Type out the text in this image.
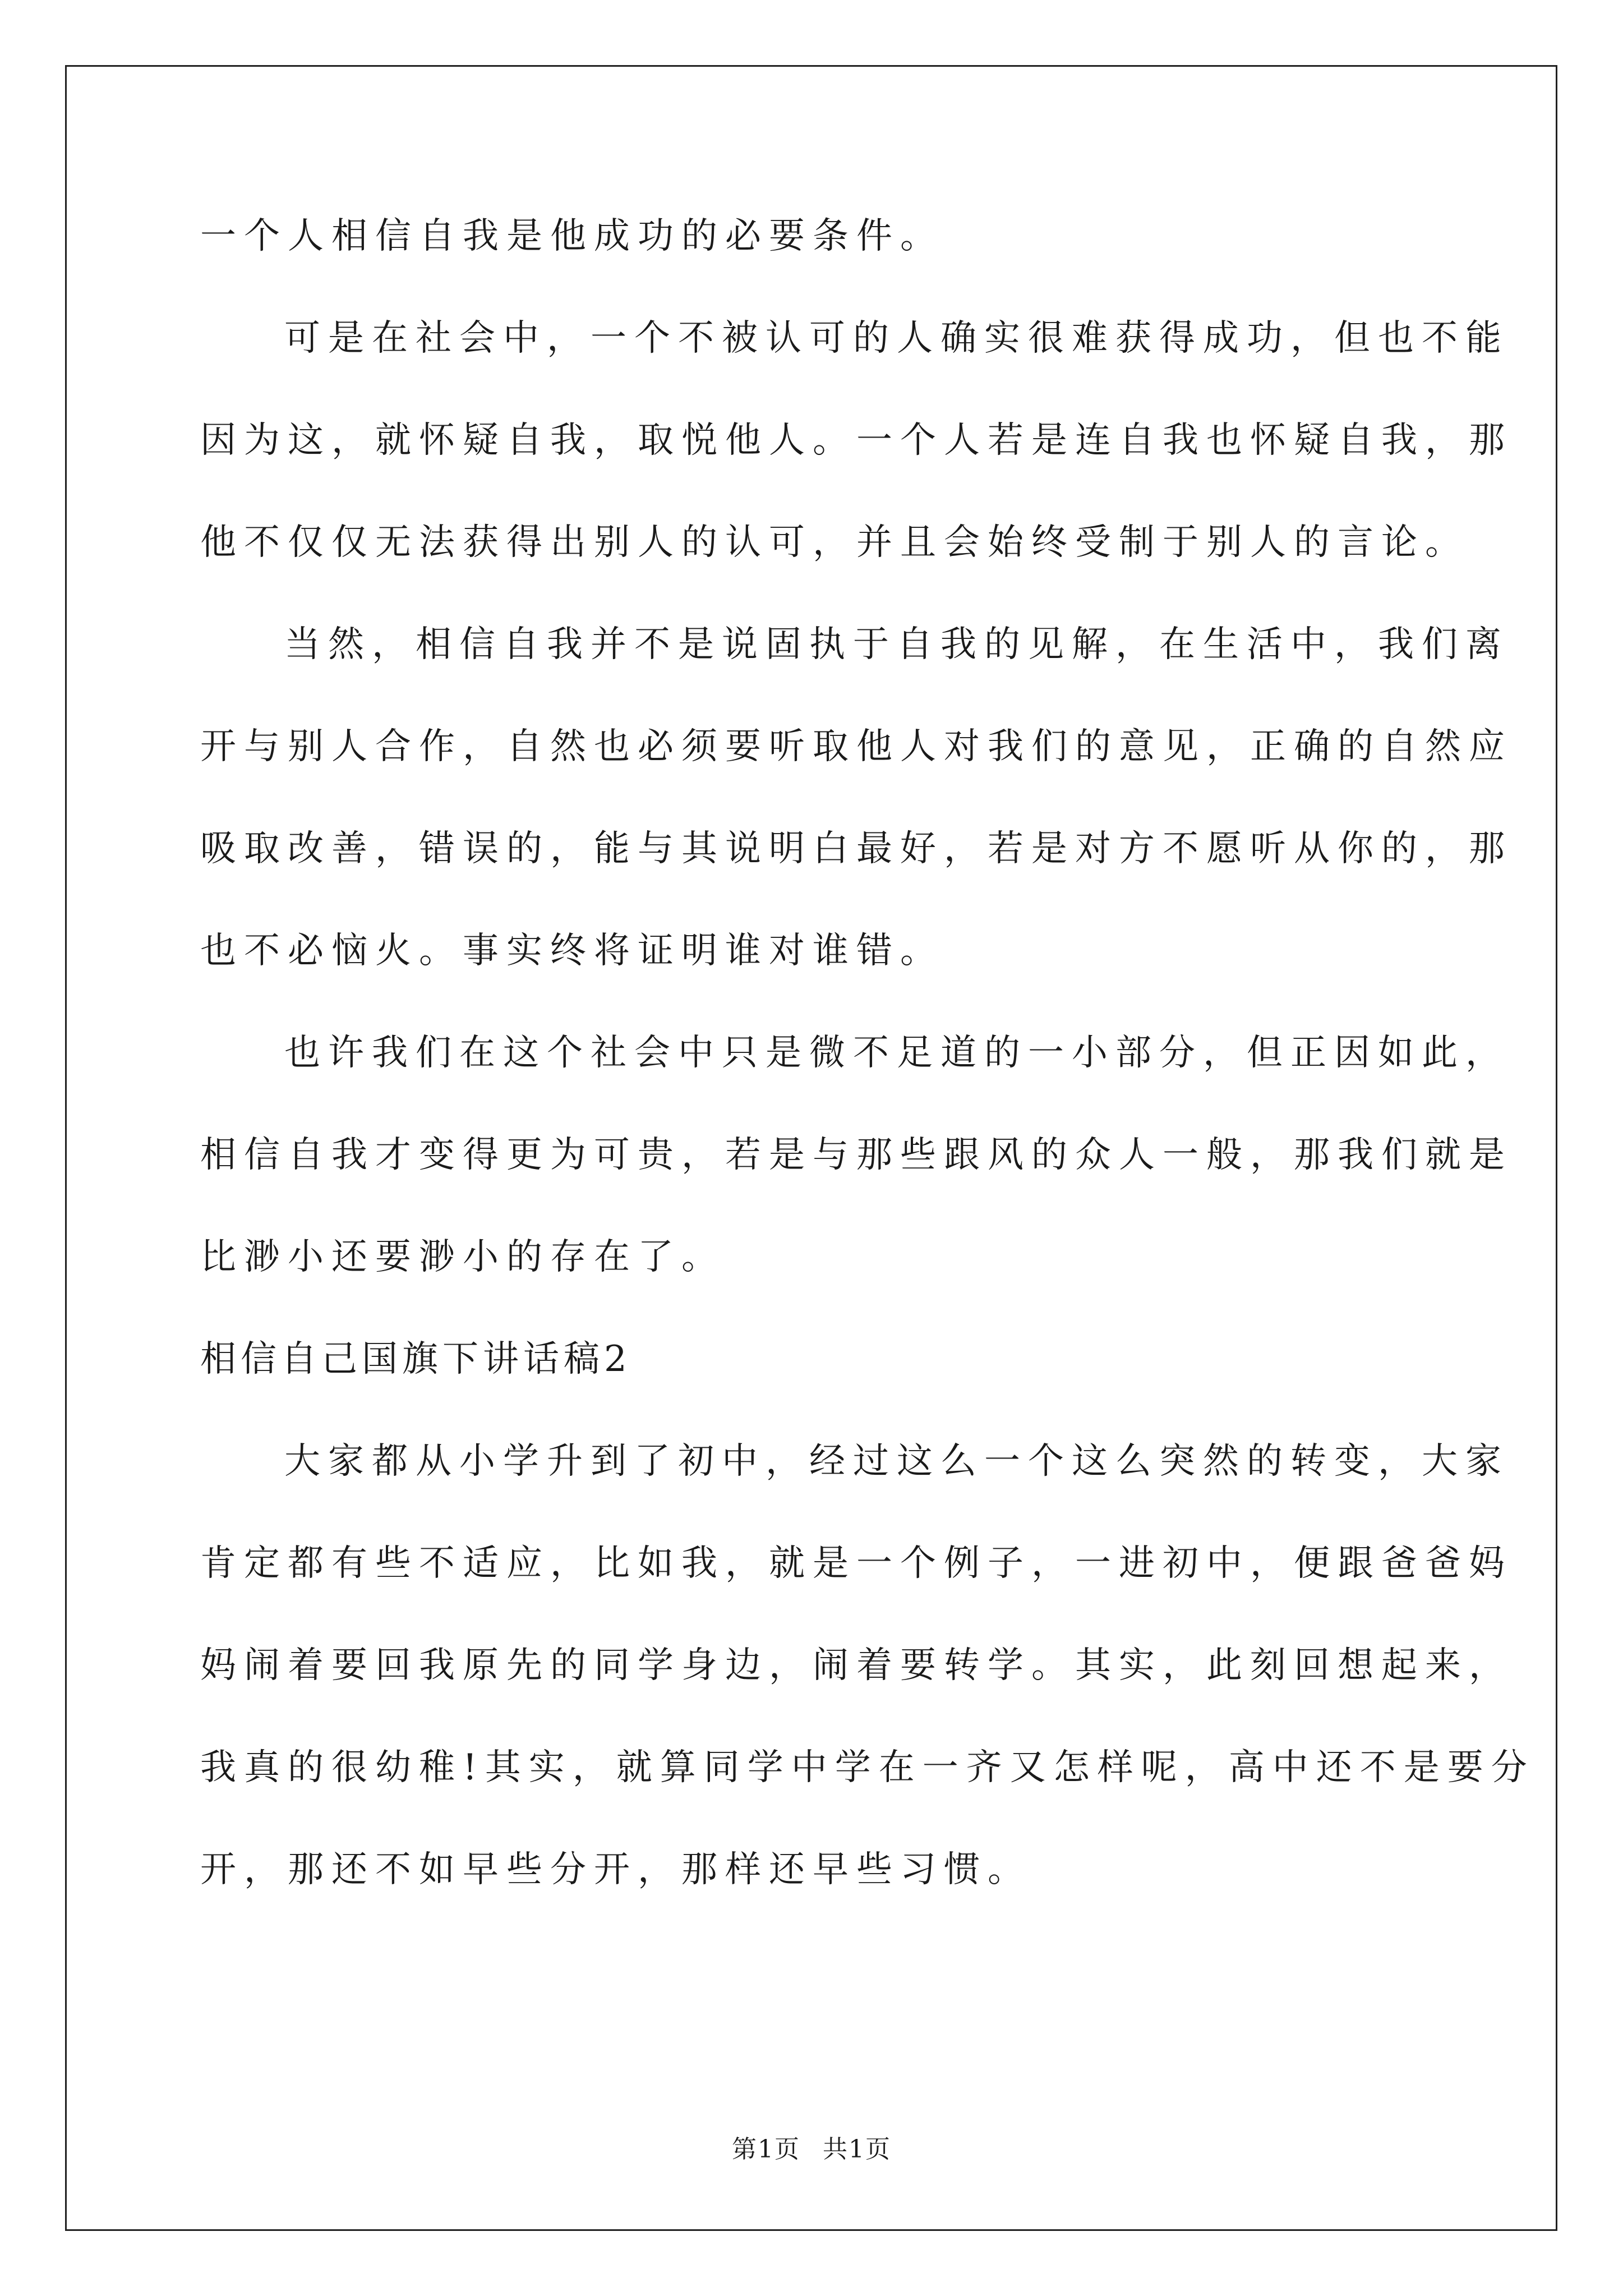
一个人相信自我是他成功的必要条件。

可是在社会中，一个不被认可的人确实很难获得成功，但也不能

因为这，就怀疑自我，取悦他人。一个人若是连自我也怀疑自我，那

他不仅仅无法获得出别人的认可，并且会始终受制于别人的言论。

当然，相信自我并不是说固执于自我的见解，在生活中，我们离

开与别人合作，自然也必须要听取他人对我们的意见，正确的自然应

吸取改善，错误的，能与其说明白最好，若是对方不愿听从你的，那

也不必恼火。事实终将证明谁对谁错。

也许我们在这个社会中只是微不足道的一小部分，但正因如此，

相信自我才变得更为可贵，若是与那些跟风的众人一般，那我们就是

比渺小还要渺小的存在了。

相信自己国旗下讲话稿2

大家都从小学升到了初中，经过这么一个这么突然的转变，大家

肯定都有些不适应，比如我，就是一个例子，一进初中，便跟爸爸妈

妈闹着要回我原先的同学身边，闹着要转学。其实，此刻回想起来，

我真的很幼稚!其实，就算同学中学在一齐又怎样呢，高中还不是要分

开，那还不如早些分开，那样还早些习惯。

第1页 共1页
